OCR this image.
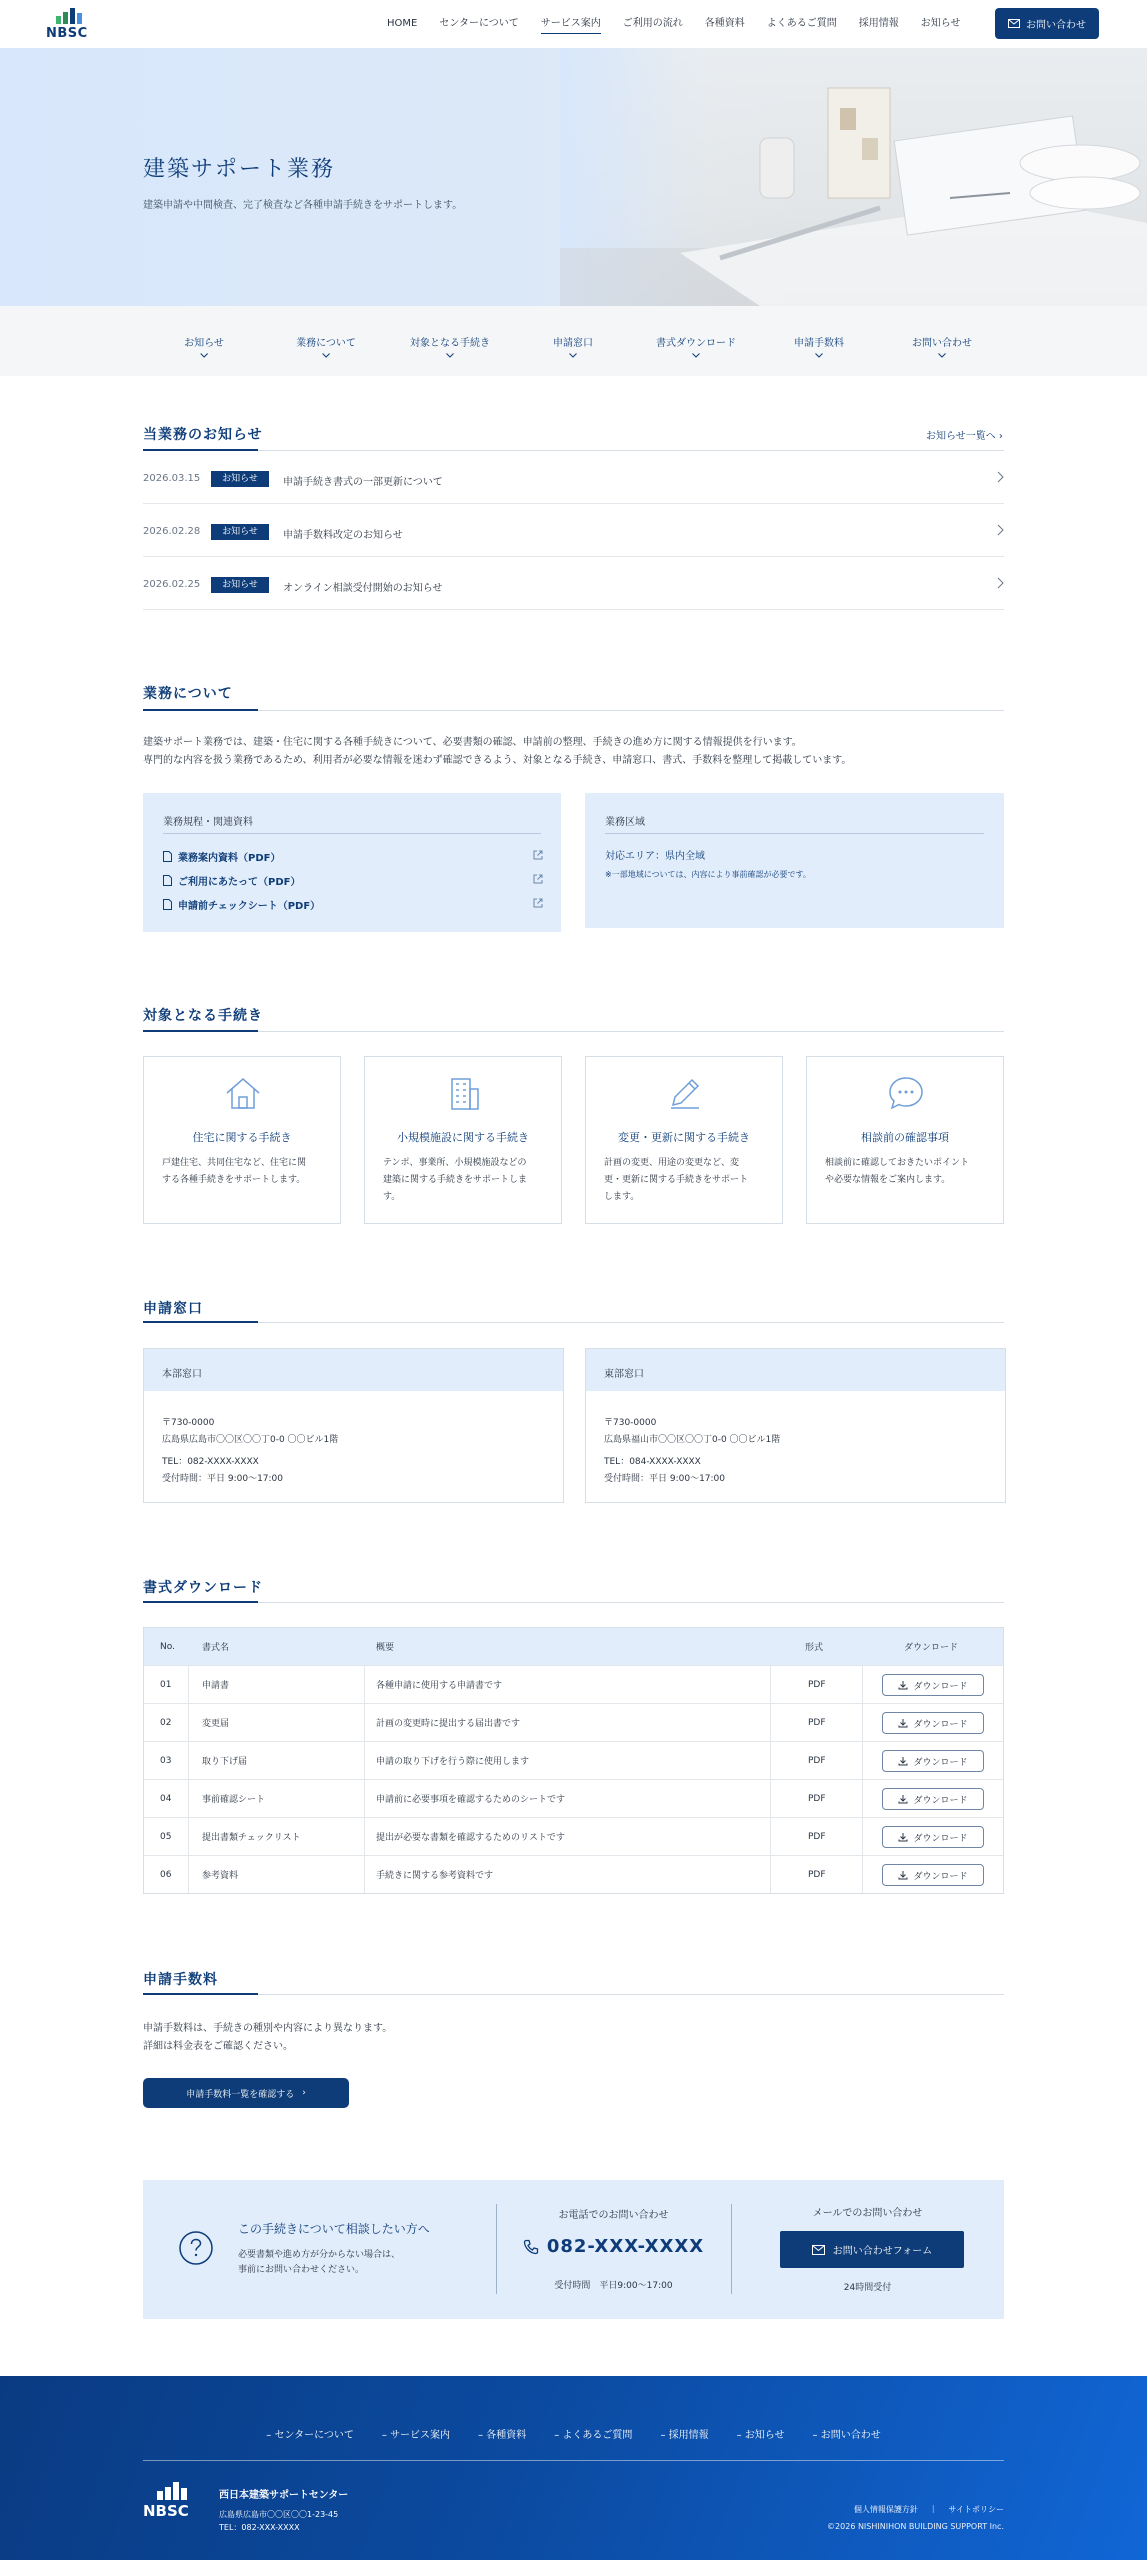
NBSC
HOME	センターについて	サービス案内	ご利用の流れ	各種資料	よくあるご質問	採用情報	お知らせ	お問い合わせ
建築サポート業務

建築申請や中間検査、完了検査など各種申請手続きをサポートします。

お知らせ	業務について	対象となる手続き	申請窓口	書式ダウンロード	申請手数料	お問い合わせ
当業務のお知らせ	お知らせ一覧へ ›
2026.03.15	お知らせ	申請手続き書式の一部更新について
2026.02.28	お知らせ	申請手数料改定のお知らせ
2026.02.25	お知らせ	オンライン相談受付開始のお知らせ
業務について
建築サポート業務では、建築・住宅に関する各種手続きについて、必要書類の確認、申請前の整理、手続きの進め方に関する情報提供を行います。
専門的な内容を扱う業務であるため、利用者が必要な情報を迷わず確認できるよう、対象となる手続き、申請窓口、書式、手数料を整理して掲載しています。
業務規程・関連資料
業務案内資料（PDF）
ご利用にあたって（PDF）
申請前チェックシート（PDF）
業務区域
対応エリア：県内全域
※一部地域については、内容により事前確認が必要です。
対象となる手続き
住宅に関する手続き
戸建住宅、共同住宅など、住宅に関
する各種手続きをサポートします。
小規模施設に関する手続き
テンポ、事業所、小規模施設などの
建築に関する手続きをサポートしま
す。
変更・更新に関する手続き
計画の変更、用途の変更など、変
更・更新に関する手続きをサポート
します。
相談前の確認事項
相談前に確認しておきたいポイント
や必要な情報をご案内します。
申請窓口
本部窓口
〒730-0000
広島県広島市〇〇区〇〇丁0-0 〇〇ビル1階
TEL：082-XXXX-XXXX
受付時間：平日 9:00〜17:00
東部窓口
〒730-0000
広島県福山市〇〇区〇〇丁0-0 〇〇ビル1階
TEL：084-XXXX-XXXX
受付時間：平日 9:00〜17:00
書式ダウンロード
No.	書式名	概要	形式	ダウンロード
01	申請書	各種申請に使用する申請書です	PDF	ダウンロード
02	変更届	計画の変更時に提出する届出書です	PDF	ダウンロード
03	取り下げ届	申請の取り下げを行う際に使用します	PDF	ダウンロード
04	事前確認シート	申請前に必要事項を確認するためのシートです	PDF	ダウンロード
05	提出書類チェックリスト	提出が必要な書類を確認するためのリストです	PDF	ダウンロード
06	参考資料	手続きに関する参考資料です	PDF	ダウンロード
申請手数料
申請手数料は、手続きの種別や内容により異なります。
詳細は料金表をご確認ください。
申請手数料一覧を確認する ›
この手続きについて相談したい方へ
必要書類や進め方が分からない場合は、
事前にお問い合わせください。
お電話でのお問い合わせ
082-XXX-XXXX
受付時間　平日9:00〜17:00
メールでのお問い合わせ
お問い合わせフォーム
24時間受付
– センターについて	– サービス案内	– 各種資料	– よくあるご質問	– 採用情報	– お知らせ	– お問い合わせ
NBSC
西日本建築サポートセンター
広島県広島市〇〇区〇〇1-23-45
TEL：082-XXX-XXXX
個人情報保護方針 | サイトポリシー
©2026 NISHINIHON BUILDING SUPPORT Inc.
